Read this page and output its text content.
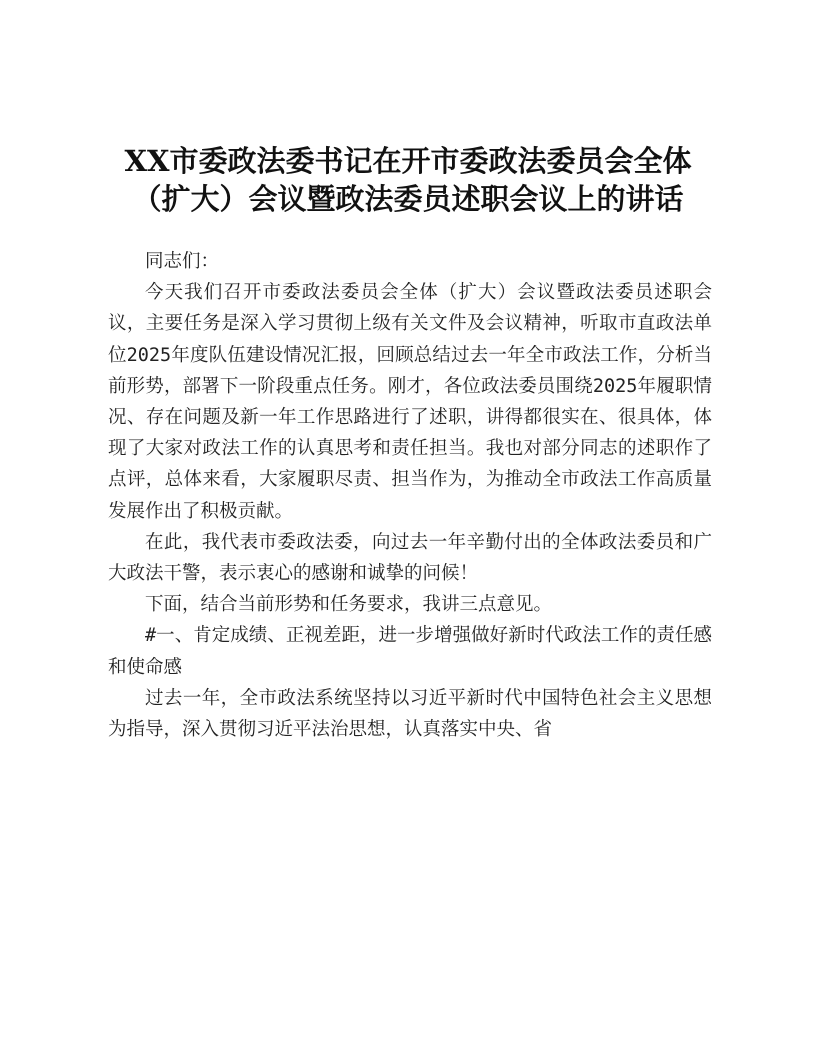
XX市委政法委书记在开市委政法委员会全体
（扩大）会议暨政法委员述职会议上的讲话

同志们：

今天我们召开市委政法委员会全体（扩大）会议暨政法委员述职会议，主要任务是深入学习贯彻上级有关文件及会议精神，听取市直政法单位2025年度队伍建设情况汇报，回顾总结过去一年全市政法工作，分析当前形势，部署下一阶段重点任务。刚才，各位政法委员围绕2025年履职情况、存在问题及新一年工作思路进行了述职，讲得都很实在、很具体，体现了大家对政法工作的认真思考和责任担当。我也对部分同志的述职作了点评，总体来看，大家履职尽责、担当作为，为推动全市政法工作高质量发展作出了积极贡献。

在此，我代表市委政法委，向过去一年辛勤付出的全体政法委员和广大政法干警，表示衷心的感谢和诚挚的问候！

下面，结合当前形势和任务要求，我讲三点意见。

#一、肯定成绩、正视差距，进一步增强做好新时代政法工作的责任感和使命感

过去一年，全市政法系统坚持以习近平新时代中国特色社会主义思想为指导，深入贯彻习近平法治思想，认真落实中央、省
